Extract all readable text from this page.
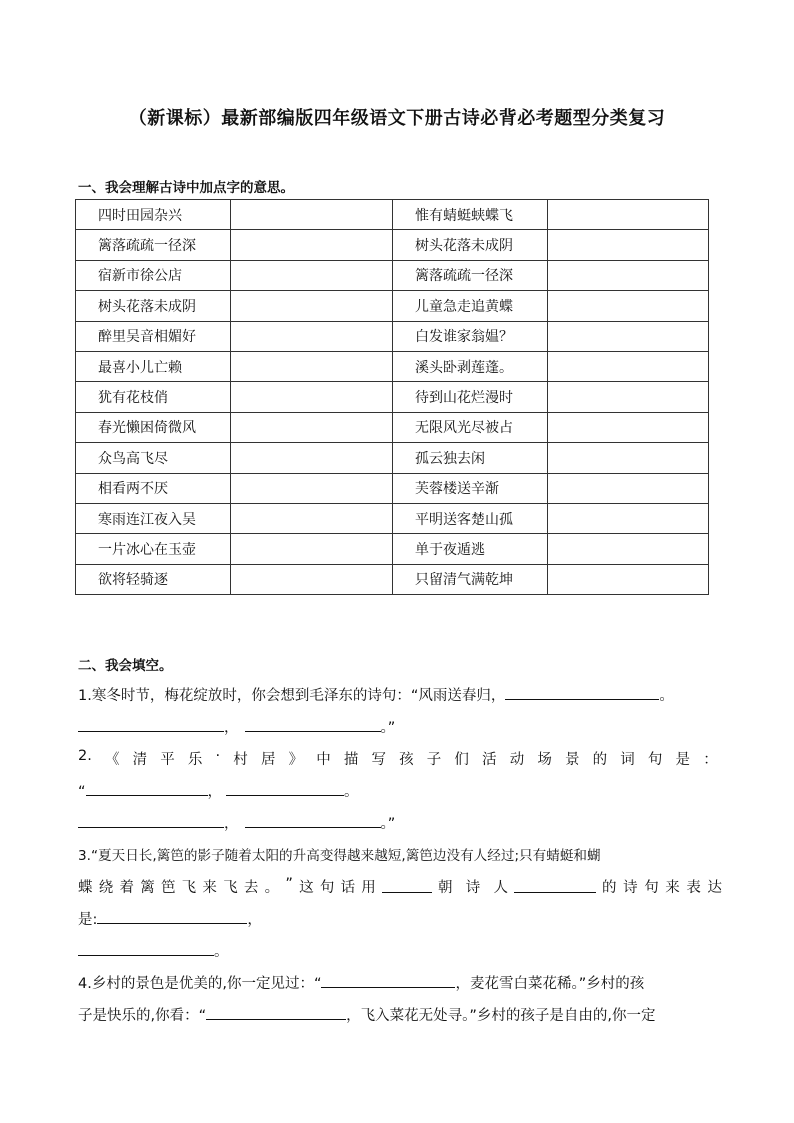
（新课标）最新部编版四年级语文下册古诗必背必考题型分类复习
一、我会理解古诗中加点字的意思。
四时田园杂兴		惟有蜻蜓蛱蝶飞	
篱落疏疏一径深		树头花落未成阴	
宿新市徐公店		篱落疏疏一径深	
树头花落未成阴		儿童急走追黄蝶	
醉里吴音相媚好		白发谁家翁媪？	
最喜小儿亡赖		溪头卧剥莲蓬。	
犹有花枝俏		待到山花烂漫时	
春光懒困倚微风		无限风光尽被占	
众鸟高飞尽		孤云独去闲	
相看两不厌		芙蓉楼送辛渐	
寒雨连江夜入吴		平明送客楚山孤	
一片冰心在玉壶		单于夜遁逃	
欲将轻骑逐		只留清气满乾坤	
二、我会填空。
1.寒冬时节，梅花绽放时，你会想到毛泽东的诗句：“风雨送春归，	。
，	。”
2. 《 清 平 乐 · 村 居 》 中 描 写 孩 子 们 活 动 场 景 的 词 句 是 ：
“	，	。
，	。”
3.“夏天日长,篱笆的影子随着太阳的升高变得越来越短,篱笆边没有人经过;只有蜻蜓和蝴
蝶 绕 着 篱 笆 飞 来 飞 去 。 ” 这 句 话 用	朝 诗 人	的 诗 句 来 表 达
是:	，
。
4.乡村的景色是优美的,你一定见过：“	，麦花雪白菜花稀。”乡村的孩
子是快乐的,你看：“	，飞入菜花无处寻。”乡村的孩子是自由的,你一定
